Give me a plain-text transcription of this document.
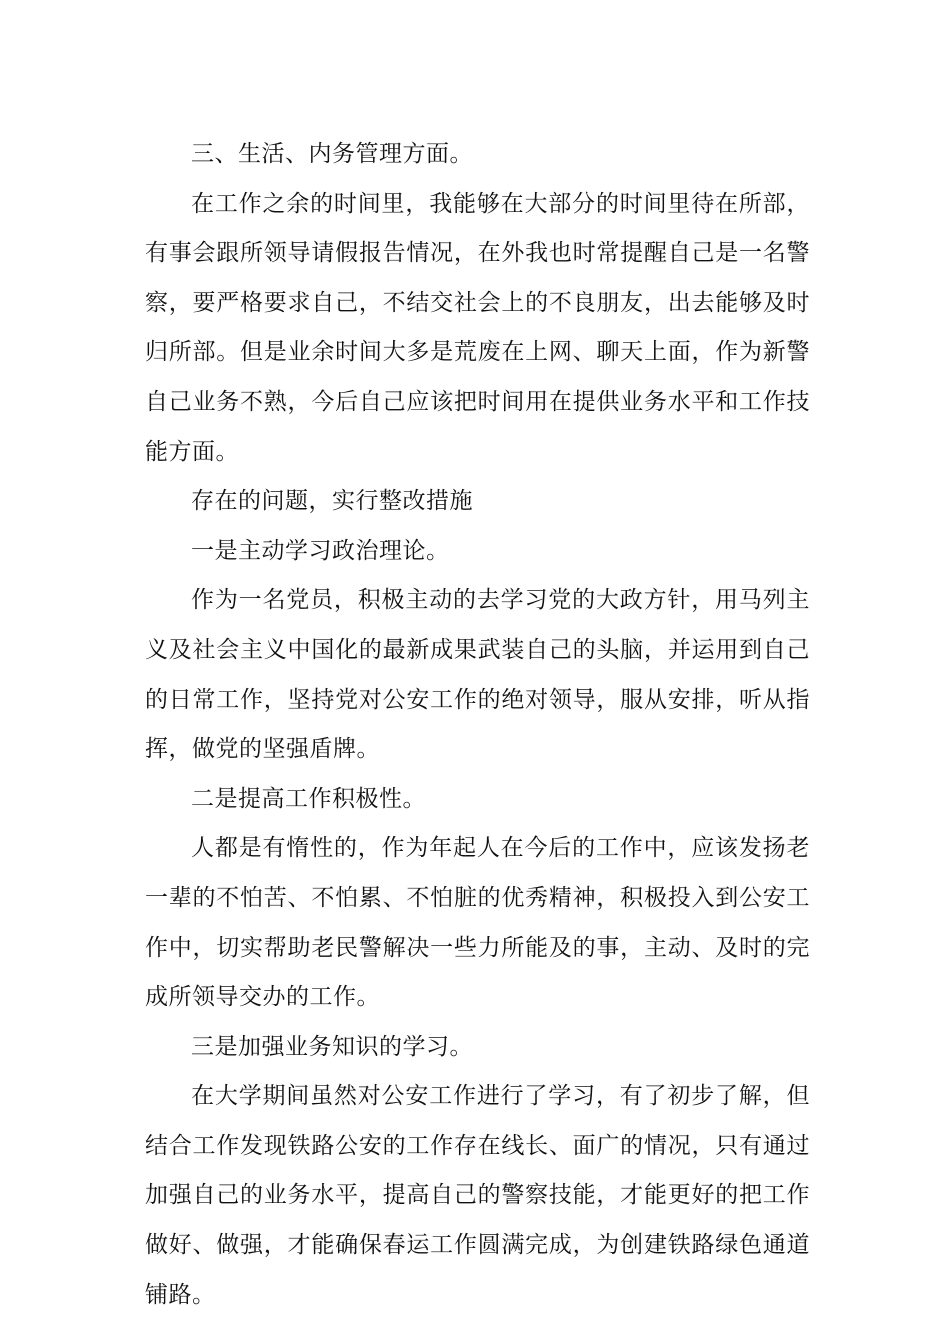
三、生活、内务管理方面。

在工作之余的时间里，我能够在大部分的时间里待在所部，有事会跟所领导请假报告情况，在外我也时常提醒自己是一名警察，要严格要求自己，不结交社会上的不良朋友，出去能够及时归所部。但是业余时间大多是荒废在上网、聊天上面，作为新警自己业务不熟，今后自己应该把时间用在提供业务水平和工作技能方面。

存在的问题，实行整改措施

一是主动学习政治理论。

作为一名党员，积极主动的去学习党的大政方针，用马列主义及社会主义中国化的最新成果武装自己的头脑，并运用到自己的日常工作，坚持党对公安工作的绝对领导，服从安排，听从指挥，做党的坚强盾牌。

二是提高工作积极性。

人都是有惰性的，作为年起人在今后的工作中，应该发扬老一辈的不怕苦、不怕累、不怕脏的优秀精神，积极投入到公安工作中，切实帮助老民警解决一些力所能及的事，主动、及时的完成所领导交办的工作。

三是加强业务知识的学习。

在大学期间虽然对公安工作进行了学习，有了初步了解，但结合工作发现铁路公安的工作存在线长、面广的情况，只有通过加强自己的业务水平，提高自己的警察技能，才能更好的把工作做好、做强，才能确保春运工作圆满完成，为创建铁路绿色通道铺路。
